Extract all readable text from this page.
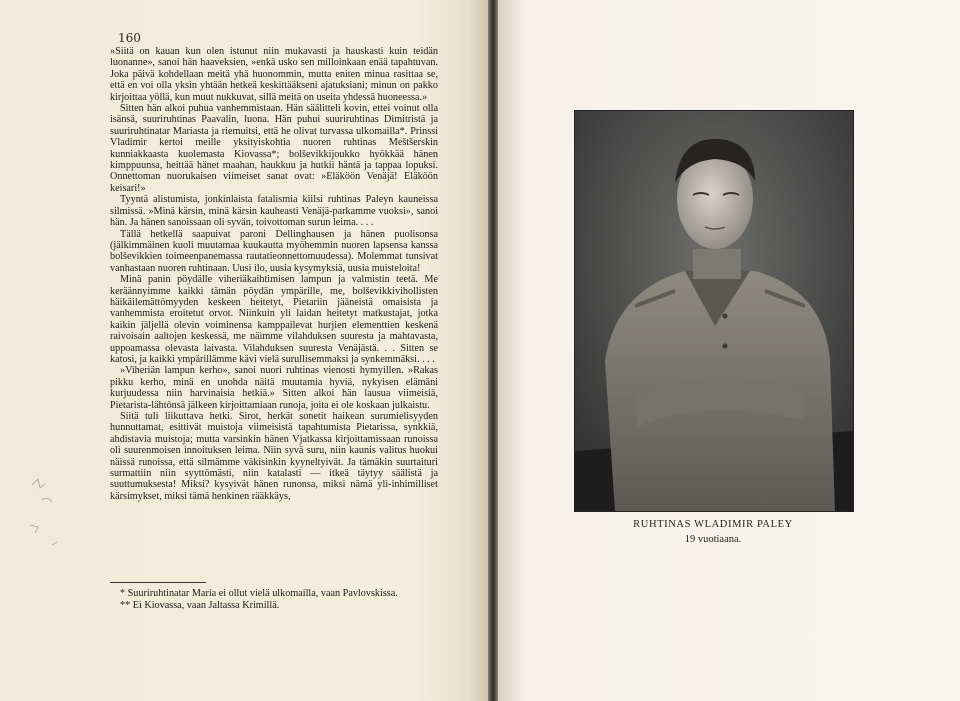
160

»Siitä on kauan kun olen istunut niin mukavasti ja hauskasti kuin teidän luonanne», sanoi hän haaveksien, »enkä usko sen milloinkaan enää tapahtuvan. Joka päivä kohdellaan meitä yhä huonommin, mutta eniten minua rasittaa se, että en voi olla yksin yhtään hetkeä keskittääkseni ajatuksiani; minun on pakko kirjoittaa yöllä, kun muut nukkuvat, sillä meitä on useita yhdessä huoneessa.»

Sitten hän alkoi puhua vanhemmistaan. Hän säälitteli kovin, ettei voinut olla isänsä, suuriruhtinas Paavalin, luona. Hän puhui suuriruhtinas Dimitristä ja suuriruhtinatar Mariasta ja riemuitsi, että he olivat turvassa ulkomailla*. Prinssi Vladimir kertoi meille yksityiskohtia nuoren ruhtinas Meštšerskin kunniakkaasta kuolemasta Kiovassa*; bolševikkijoukko hyökkää hänen kimppuunsa, heittää hänet maahan, haukkuu ja hutkii häntä ja tappaa lopuksi. Onnettoman nuorukaisen viimeiset sanat ovat: »Eläköön Venäjä! Eläköön keisari!»

Tyyntä alistumista, jonkinlaista fatalismia kiilsi ruhtinas Paleyn kauneissa silmissä. »Minä kärsin, minä kärsin kauheasti Venäjä-parkamme vuoksi», sanoi hän. Ja hänen sanoissaan oli syvän, toivottoman surun leima. . . .

Tällä hetkellä saapuivat paroni Dellinghausen ja hänen puolisonsa (jälkimmäinen kuoli muutamaa kuukautta myöhemmin nuoren lapsensa kanssa bolševikkien toimeenpanemassa rautatieonnettomuudessa). Molemmat tunsivat vanhastaan nuoren ruhtinaan. Uusi ilo, uusia kysymyksiä, uusia muisteloita!

Minä panin pöydälle viheriäkaihtimisen lampun ja valmistin teetä. Me keräännyimme kaikki tämän pöydän ympärille, me, bolševikkivihollisten häikäilemättömyyden keskeen heitetyt, Pietariin jääneistä omaisista ja vanhemmista eroitetut orvot. Niinkuin yli laidan heitetyt matkustajat, jotka kaikin jäljellä olevin voiminensa kamppailevat hurjien elementtien keskenä raivoisain aaltojen keskessä, me näimme vilahduksen suuresta ja mahtavasta, uppoamassa olevasta laivasta. Vilahduksen suuresta Venäjästä. . . Sitten se katosi, ja kaikki ympärillämme kävi vielä surullisemmaksi ja synkemmäksi. . . .

»Viheriän lampun kerho», sanoi nuori ruhtinas vienosti hymyillen. »Rakas pikku kerho, minä en unohda näitä muutamia hyviä, nykyisen elämäni kurjuudessa niin harvinaisia hetkiä.» Sitten alkoi hän lausua viimeisiä, Pietarista-lähtönsä jälkeen kirjoittamiaan runoja, joita ei ole koskaan julkaistu.

Siitä tuli liikuttava hetki. Sirot, herkät sonetit haikean surumielisyyden hunnuttamat, esittivät muistoja viimeisistä tapahtumista Pietarissa, synkkiä, ahdistavia muistoja; mutta varsinkin hänen Vjatkassa kirjoittamissaan runoissa oli suurenmoisen innoituksen leima. Niin syvä suru, niin kaunis valitus huokui näissä runoissa, että silmämme väkisinkin kyyneltyivät. Ja tämäkin suurtaituri surmattiin niin syyttömästi, niin katalasti — itkeä täytyy säälistä ja suuttumuksesta! Miksi? kysyivät hänen runonsa, miksi nämä yli-inhimilliset kärsimykset, miksi tämä henkinen rääkkäys,

* Suuriruhtinatar Maria ei ollut vielä ulkomailla, vaan Pavlovskissa.

** Ei Kiovassa, vaan Jaltassa Krimillä.

RUHTINAS WLADIMIR PALEY

19 vuotiaana.
